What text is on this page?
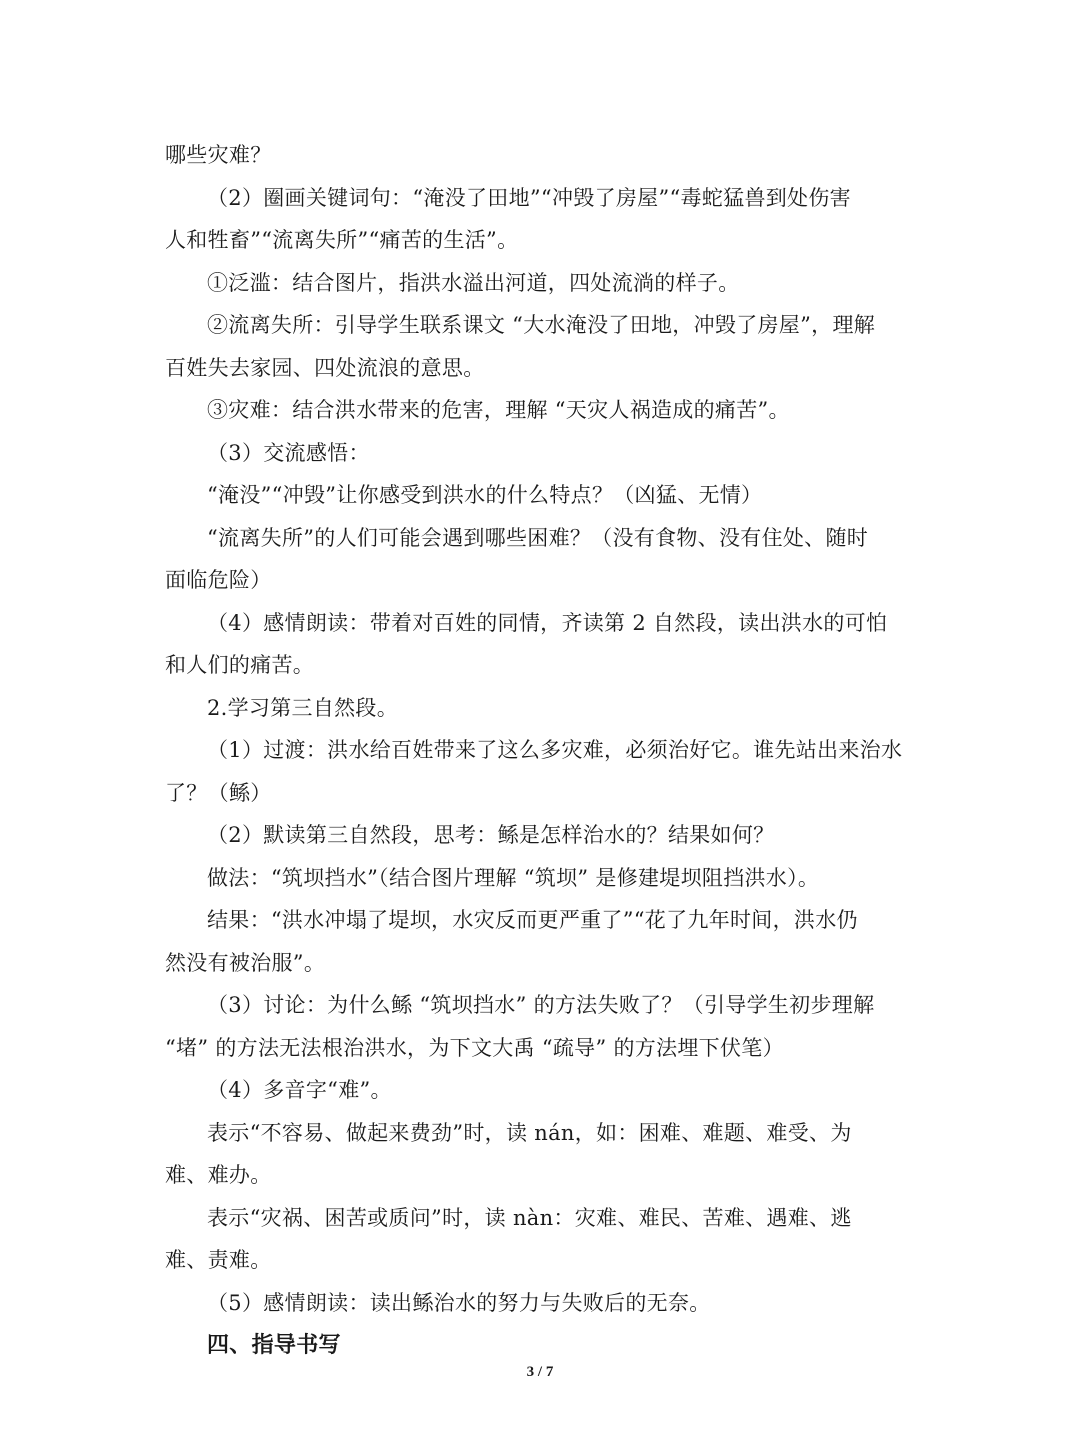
哪些灾难？
（2）圈画关键词句：“淹没了田地”“冲毁了房屋”“毒蛇猛兽到处伤害
人和牲畜”“流离失所”“痛苦的生活”。
①泛滥：结合图片，指洪水溢出河道，四处流淌的样子。
②流离失所：引导学生联系课文 “大水淹没了田地，冲毁了房屋”，理解
百姓失去家园、四处流浪的意思。
③灾难：结合洪水带来的危害，理解 “天灾人祸造成的痛苦”。
（3）交流感悟：
“淹没”“冲毁”让你感受到洪水的什么特点？（凶猛、无情）
“流离失所”的人们可能会遇到哪些困难？（没有食物、没有住处、随时
面临危险）
（4）感情朗读：带着对百姓的同情，齐读第 2 自然段，读出洪水的可怕
和人们的痛苦。
2.学习第三自然段。
（1）过渡：洪水给百姓带来了这么多灾难，必须治好它。谁先站出来治水
了？（鲧）
（2）默读第三自然段，思考：鲧是怎样治水的？结果如何？
做法：“筑坝挡水”（结合图片理解 “筑坝” 是修建堤坝阻挡洪水）。
结果：“洪水冲塌了堤坝，水灾反而更严重了”“花了九年时间，洪水仍
然没有被治服”。
（3）讨论：为什么鲧 “筑坝挡水” 的方法失败了？（引导学生初步理解
“堵” 的方法无法根治洪水，为下文大禹 “疏导” 的方法埋下伏笔）
（4）多音字“难”。
表示“不容易、做起来费劲”时，读 nán，如：困难、难题、难受、为
难、难办。
表示“灾祸、困苦或质问”时，读 nàn：灾难、难民、苦难、遇难、逃
难、责难。
（5）感情朗读：读出鲧治水的努力与失败后的无奈。
四、指导书写
3 / 7
